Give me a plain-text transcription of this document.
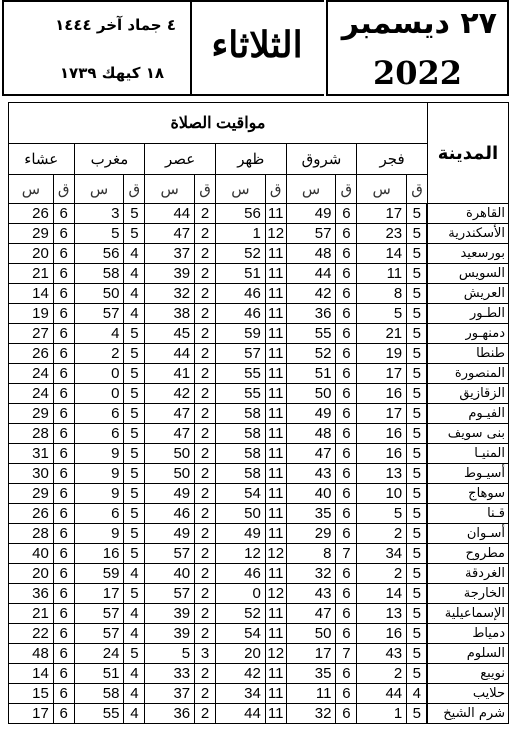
٢٧ ديسمبر
2022
الثلاثاء
٤ جماد آخر ١٤٤٤
١٨ كيهك ١٧٣٩
المدينة	مواقيت الصلاة											
	فجر		شروق		ظهر		عصر		مغرب		عشاء	
	ق	س	ق	س	ق	س	ق	س	ق	س	ق	س
القاهرة	5	17	6	49	11	56	2	44	5	3	6	26
الأسكندرية	5	23	6	57	12	1	2	47	5	5	6	29
بورسعيد	5	14	6	48	11	52	2	37	4	56	6	20
السويس	5	11	6	44	11	51	2	39	4	58	6	21
العريش	5	8	6	42	11	46	2	32	4	50	6	14
الطـور	5	5	6	36	11	46	2	38	4	57	6	19
دمنهـور	5	21	6	55	11	59	2	45	5	4	6	27
طنطا	5	19	6	52	11	57	2	44	5	2	6	26
المنصورة	5	17	6	51	11	55	2	41	5	0	6	24
الزقازيق	5	16	6	50	11	55	2	42	5	0	6	24
الفيـوم	5	17	6	49	11	58	2	47	5	6	6	29
بنى سويف	5	16	6	48	11	58	2	47	5	6	6	28
المنيـا	5	16	6	47	11	58	2	50	5	9	6	31
أسيـوط	5	13	6	43	11	58	2	50	5	9	6	30
سوهاج	5	10	6	40	11	54	2	49	5	9	6	29
قـنا	5	5	6	35	11	50	2	46	5	6	6	26
أسـوان	5	2	6	29	11	49	2	49	5	9	6	28
مطروح	5	34	7	8	12	12	2	57	5	16	6	40
الغردقة	5	2	6	32	11	46	2	40	4	59	6	20
الخارجة	5	14	6	43	12	0	2	57	5	17	6	36
الإسماعيلية	5	13	6	47	11	52	2	39	4	57	6	21
دمياط	5	16	6	50	11	54	2	39	4	57	6	22
السلوم	5	43	7	17	12	20	3	5	5	24	6	48
نويبع	5	2	6	35	11	42	2	33	4	51	6	14
حلايب	4	44	6	11	11	34	2	37	4	58	6	15
شرم الشيخ	5	1	6	32	11	44	2	36	4	55	6	17
